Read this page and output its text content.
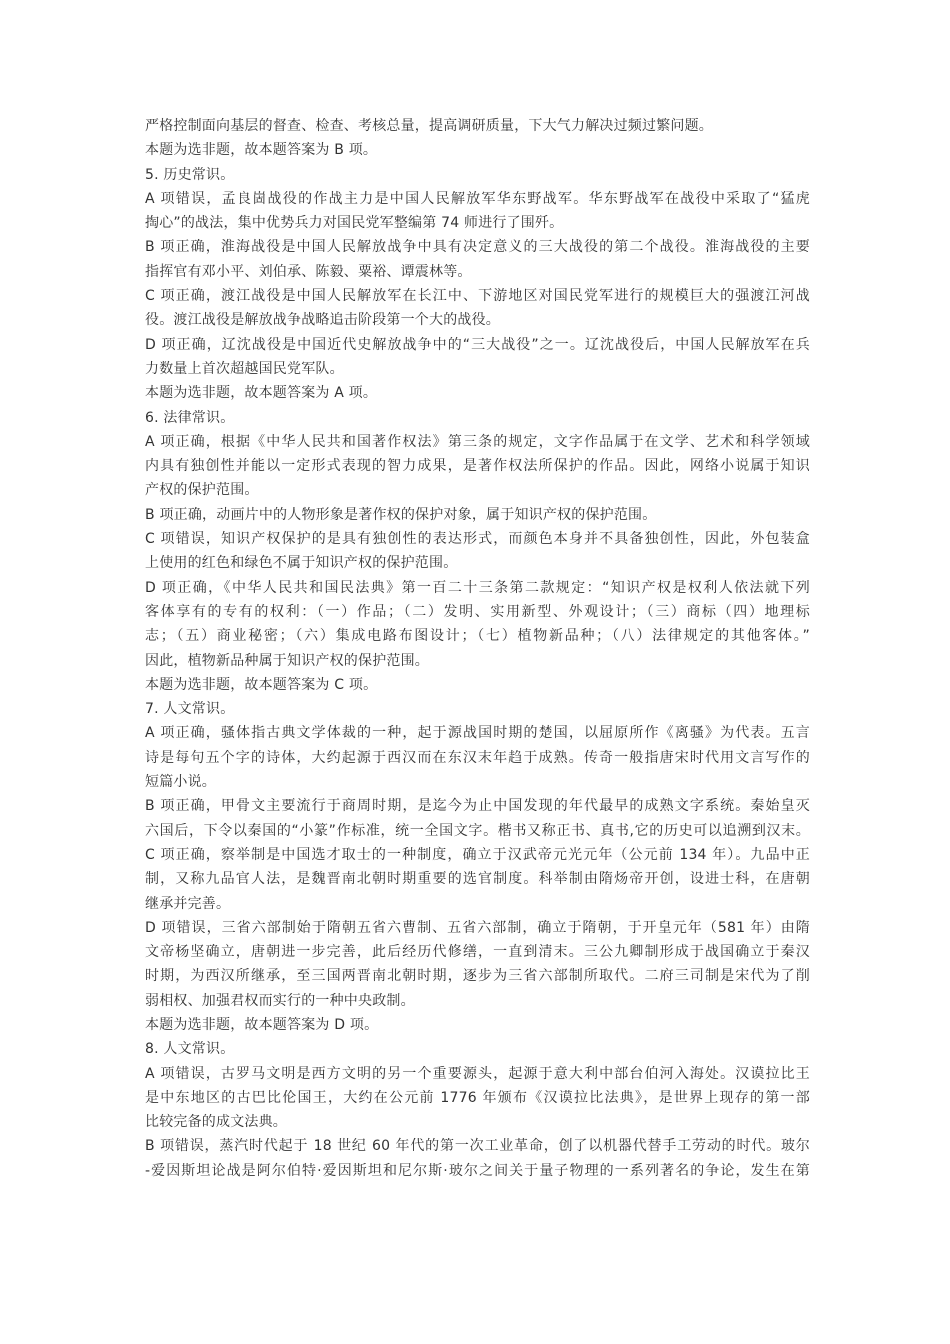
严格控制面向基层的督查、检查、考核总量，提高调研质量，下大气力解决过频过繁问题。
本题为选非题，故本题答案为 B 项。
5. 历史常识。
A 项错误，孟良崮战役的作战主力是中国人民解放军华东野战军。华东野战军在战役中采取了“猛虎
掏心”的战法，集中优势兵力对国民党军整编第 74 师进行了围歼。
B 项正确，淮海战役是中国人民解放战争中具有决定意义的三大战役的第二个战役。淮海战役的主要
指挥官有邓小平、刘伯承、陈毅、粟裕、谭震林等。
C 项正确，渡江战役是中国人民解放军在长江中、下游地区对国民党军进行的规模巨大的强渡江河战
役。渡江战役是解放战争战略追击阶段第一个大的战役。
D 项正确，辽沈战役是中国近代史解放战争中的“三大战役”之一。辽沈战役后，中国人民解放军在兵
力数量上首次超越国民党军队。
本题为选非题，故本题答案为 A 项。
6. 法律常识。
A 项正确，根据《中华人民共和国著作权法》第三条的规定，文字作品属于在文学、艺术和科学领域
内具有独创性并能以一定形式表现的智力成果，是著作权法所保护的作品。因此，网络小说属于知识
产权的保护范围。
B 项正确，动画片中的人物形象是著作权的保护对象，属于知识产权的保护范围。
C 项错误，知识产权保护的是具有独创性的表达形式，而颜色本身并不具备独创性，因此，外包装盒
上使用的红色和绿色不属于知识产权的保护范围。
D 项正确，《中华人民共和国民法典》第一百二十三条第二款规定：“知识产权是权利人依法就下列
客体享有的专有的权利：（一）作品；（二）发明、实用新型、外观设计；（三）商标（四）地理标
志；（五）商业秘密；（六）集成电路布图设计；（七）植物新品种；（八）法律规定的其他客体。”
因此，植物新品种属于知识产权的保护范围。
本题为选非题，故本题答案为 C 项。
7. 人文常识。
A 项正确，骚体指古典文学体裁的一种，起于源战国时期的楚国，以屈原所作《离骚》为代表。五言
诗是每句五个字的诗体，大约起源于西汉而在东汉末年趋于成熟。传奇一般指唐宋时代用文言写作的
短篇小说。
B 项正确，甲骨文主要流行于商周时期，是迄今为止中国发现的年代最早的成熟文字系统。秦始皇灭
六国后，下令以秦国的“小篆”作标准，统一全国文字。楷书又称正书、真书,它的历史可以追溯到汉末。
C 项正确，察举制是中国选才取士的一种制度，确立于汉武帝元光元年（公元前 134 年）。九品中正
制，又称九品官人法，是魏晋南北朝时期重要的选官制度。科举制由隋炀帝开创，设进士科，在唐朝
继承并完善。
D 项错误，三省六部制始于隋朝五省六曹制、五省六部制，确立于隋朝，于开皇元年（581 年）由隋
文帝杨坚确立，唐朝进一步完善，此后经历代修缮，一直到清末。三公九卿制形成于战国确立于秦汉
时期，为西汉所继承，至三国两晋南北朝时期，逐步为三省六部制所取代。二府三司制是宋代为了削
弱相权、加强君权而实行的一种中央政制。
本题为选非题，故本题答案为 D 项。
8. 人文常识。
A 项错误，古罗马文明是西方文明的另一个重要源头，起源于意大利中部台伯河入海处。汉谟拉比王
是中东地区的古巴比伦国王，大约在公元前 1776 年颁布《汉谟拉比法典》，是世界上现存的第一部
比较完备的成文法典。
B 项错误，蒸汽时代起于 18 世纪 60 年代的第一次工业革命，创了以机器代替手工劳动的时代。玻尔
-爱因斯坦论战是阿尔伯特·爱因斯坦和尼尔斯·玻尔之间关于量子物理的一系列著名的争论，发生在第
